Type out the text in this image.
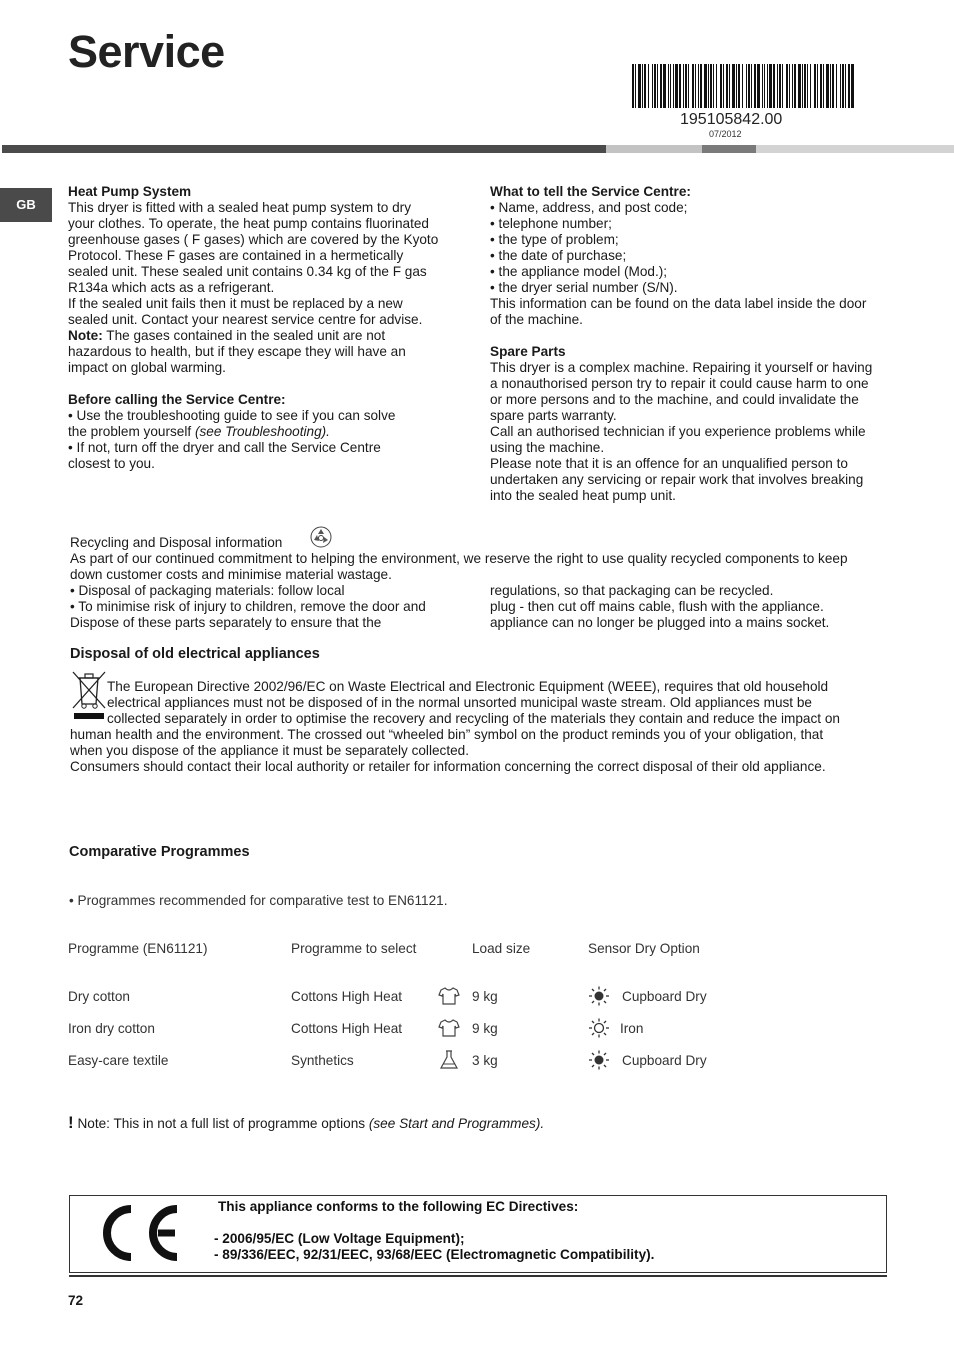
Service
195105842.00
07/2012
GB
Heat Pump System

This dryer is fitted with a sealed heat pump system to dry

your clothes. To operate, the heat pump contains fluorinated

greenhouse gases ( F gases) which are covered by the Kyoto

Protocol. These F gases are contained in a hermetically

sealed unit. These sealed unit contains 0.34 kg of the F gas

R134a which acts as a refrigerant.

If the sealed unit fails then it must be replaced by a new

sealed unit. Contact your nearest service centre for advise.

Note: The gases contained in the sealed unit are not

hazardous to health, but if they escape they will have an

impact on global warming.

Before calling the Service Centre:

• Use the troubleshooting guide to see if you can solve

the problem yourself (see Troubleshooting).

• If not, turn off the dryer and call the Service Centre

closest to you.

What to tell the Service Centre:

• Name, address, and post code;

• telephone number;

• the type of problem;

• the date of purchase;

• the appliance model (Mod.);

• the dryer serial number (S/N).

This information can be found on the data label inside the door

of the machine.

Spare Parts

This dryer is a complex machine. Repairing it yourself or having

a nonauthorised person try to repair it could cause harm to one

or more persons and to the machine, and could invalidate the

spare parts warranty.

Call an authorised technician if you experience problems while

using the machine.

Please note that it is an offence for an unqualified person to

undertaken any servicing or repair work that involves breaking

into the sealed heat pump unit.

Recycling and Disposal information

As part of our continued commitment to helping the environment, we reserve the right to use quality recycled components to keep

down customer costs and minimise material wastage.

• Disposal of packaging materials: follow local

• To minimise risk of injury to children, remove the door and

Dispose of these parts separately to ensure that the

regulations, so that packaging can be recycled.

plug - then cut off mains cable, flush with the appliance.

appliance can no longer be plugged into a mains socket.

Disposal of old electrical appliances

The European Directive 2002/96/EC on Waste Electrical and Electronic Equipment (WEEE), requires that old household

electrical appliances must not be disposed of in the normal unsorted municipal waste stream. Old appliances must be

collected separately in order to optimise the recovery and recycling of the materials they contain and reduce the impact on

human health and the environment. The crossed out “wheeled bin” symbol on the product reminds you of your obligation, that

when you dispose of the appliance it must be separately collected.

Consumers should contact their local authority or retailer for information concerning the correct disposal of their old appliance.

Comparative Programmes
• Programmes recommended for comparative test to EN61121.
Programme (EN61121)	Programme to select	Load size	Sensor Dry Option
Dry cotton	Cottons High Heat	9 kg	Cupboard Dry
Iron dry cotton	Cottons High Heat	9 kg	Iron
Easy-care textile	Synthetics	3 kg	Cupboard Dry
! Note: This in not a full list of programme options (see Start and Programmes).
This appliance conforms to the following EC Directives:
- 2006/95/EC (Low Voltage Equipment);
- 89/336/EEC, 92/31/EEC, 93/68/EEC (Electromagnetic Compatibility).
72
